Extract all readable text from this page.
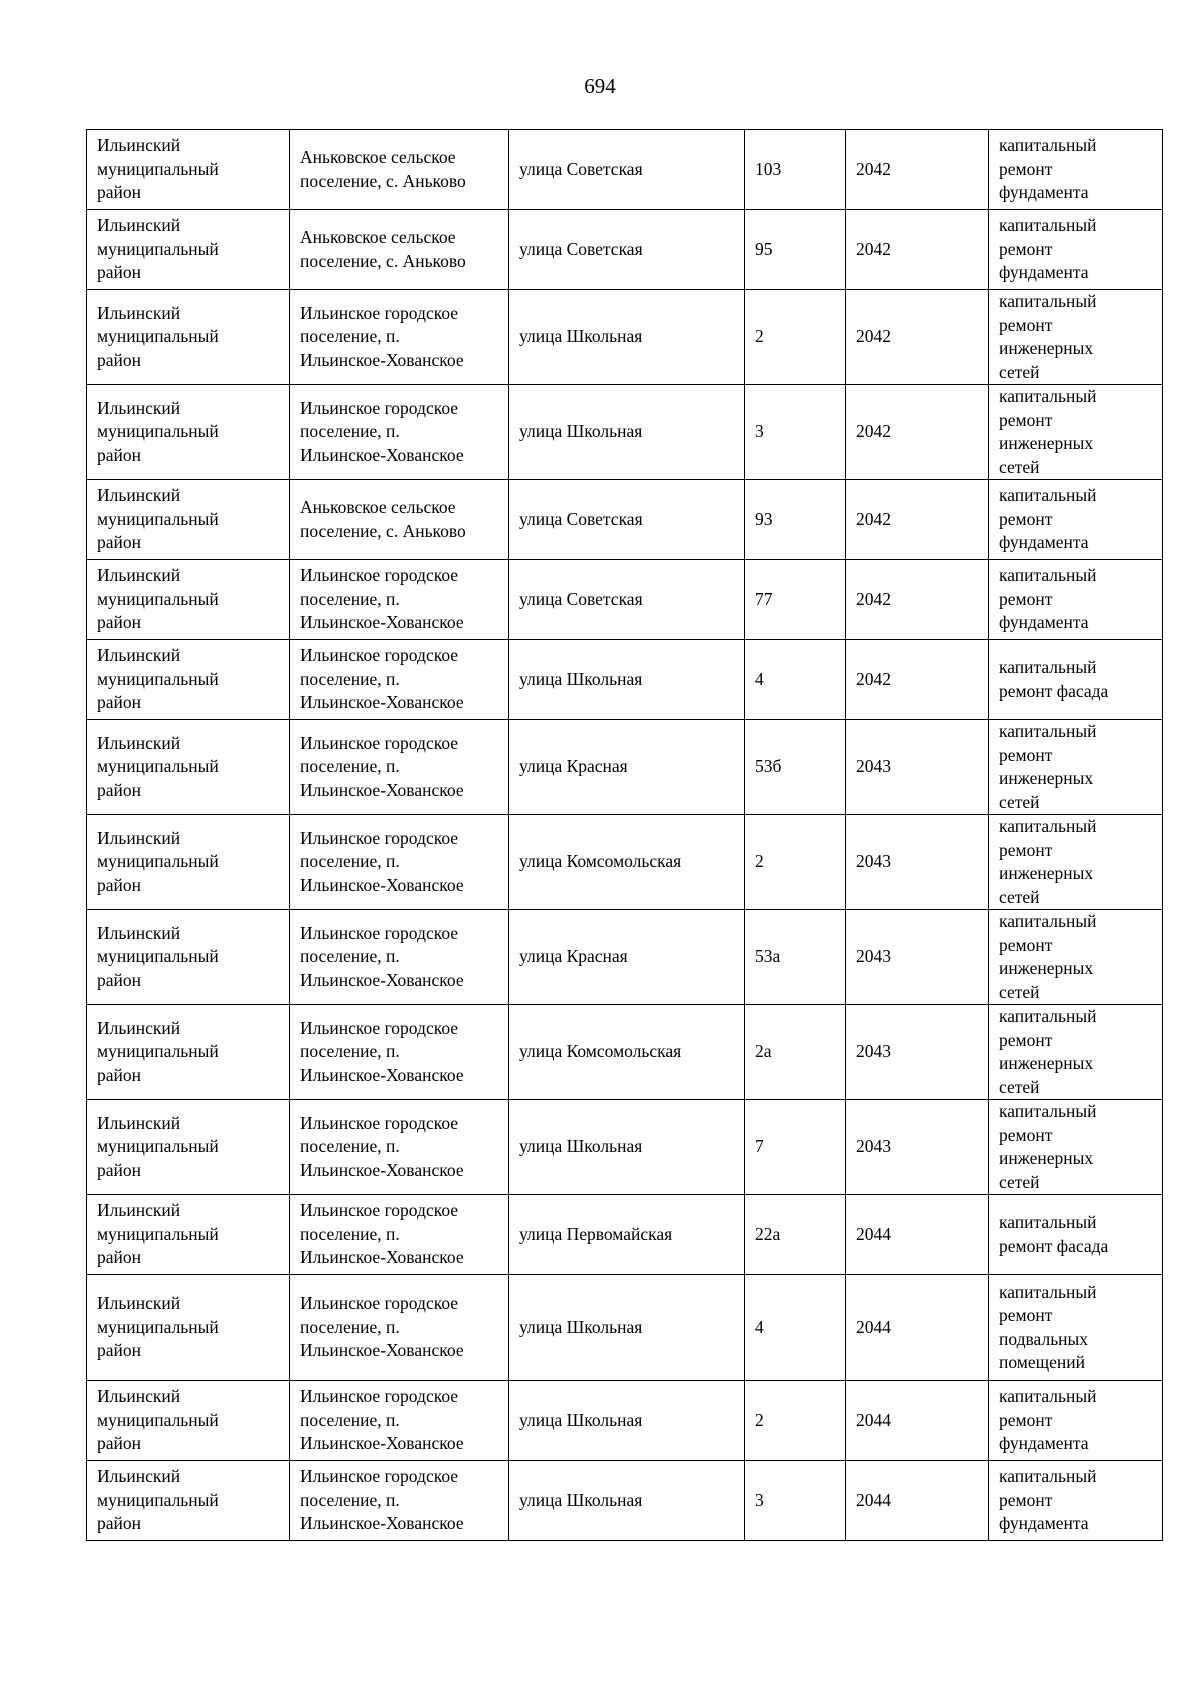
694
Ильинский
муниципальный
район	Аньковское сельское
поселение, с. Аньково	улица Советская	103	2042	капитальный
ремонт
фундамента

Ильинский
муниципальный
район	Аньковское сельское
поселение, с. Аньково	улица Советская	95	2042	капитальный
ремонт
фундамента

Ильинский
муниципальный
район	Ильинское городское
поселение, п.
Ильинское-Хованское	улица Школьная	2	2042	капитальный
ремонт
инженерных
сетей

Ильинский
муниципальный
район	Ильинское городское
поселение, п.
Ильинское-Хованское	улица Школьная	3	2042	капитальный
ремонт
инженерных
сетей

Ильинский
муниципальный
район	Аньковское сельское
поселение, с. Аньково	улица Советская	93	2042	капитальный
ремонт
фундамента

Ильинский
муниципальный
район	Ильинское городское
поселение, п.
Ильинское-Хованское	улица Советская	77	2042	капитальный
ремонт
фундамента

Ильинский
муниципальный
район	Ильинское городское
поселение, п.
Ильинское-Хованское	улица Школьная	4	2042	капитальный
ремонт фасада

Ильинский
муниципальный
район	Ильинское городское
поселение, п.
Ильинское-Хованское	улица Красная	53б	2043	капитальный
ремонт
инженерных
сетей

Ильинский
муниципальный
район	Ильинское городское
поселение, п.
Ильинское-Хованское	улица Комсомольская	2	2043	капитальный
ремонт
инженерных
сетей

Ильинский
муниципальный
район	Ильинское городское
поселение, п.
Ильинское-Хованское	улица Красная	53а	2043	капитальный
ремонт
инженерных
сетей

Ильинский
муниципальный
район	Ильинское городское
поселение, п.
Ильинское-Хованское	улица Комсомольская	2а	2043	капитальный
ремонт
инженерных
сетей

Ильинский
муниципальный
район	Ильинское городское
поселение, п.
Ильинское-Хованское	улица Школьная	7	2043	капитальный
ремонт
инженерных
сетей

Ильинский
муниципальный
район	Ильинское городское
поселение, п.
Ильинское-Хованское	улица Первомайская	22а	2044	капитальный
ремонт фасада

Ильинский
муниципальный
район	Ильинское городское
поселение, п.
Ильинское-Хованское	улица Школьная	4	2044	капитальный
ремонт
подвальных
помещений

Ильинский
муниципальный
район	Ильинское городское
поселение, п.
Ильинское-Хованское	улица Школьная	2	2044	капитальный
ремонт
фундамента

Ильинский
муниципальный
район	Ильинское городское
поселение, п.
Ильинское-Хованское	улица Школьная	3	2044	капитальный
ремонт
фундамента
